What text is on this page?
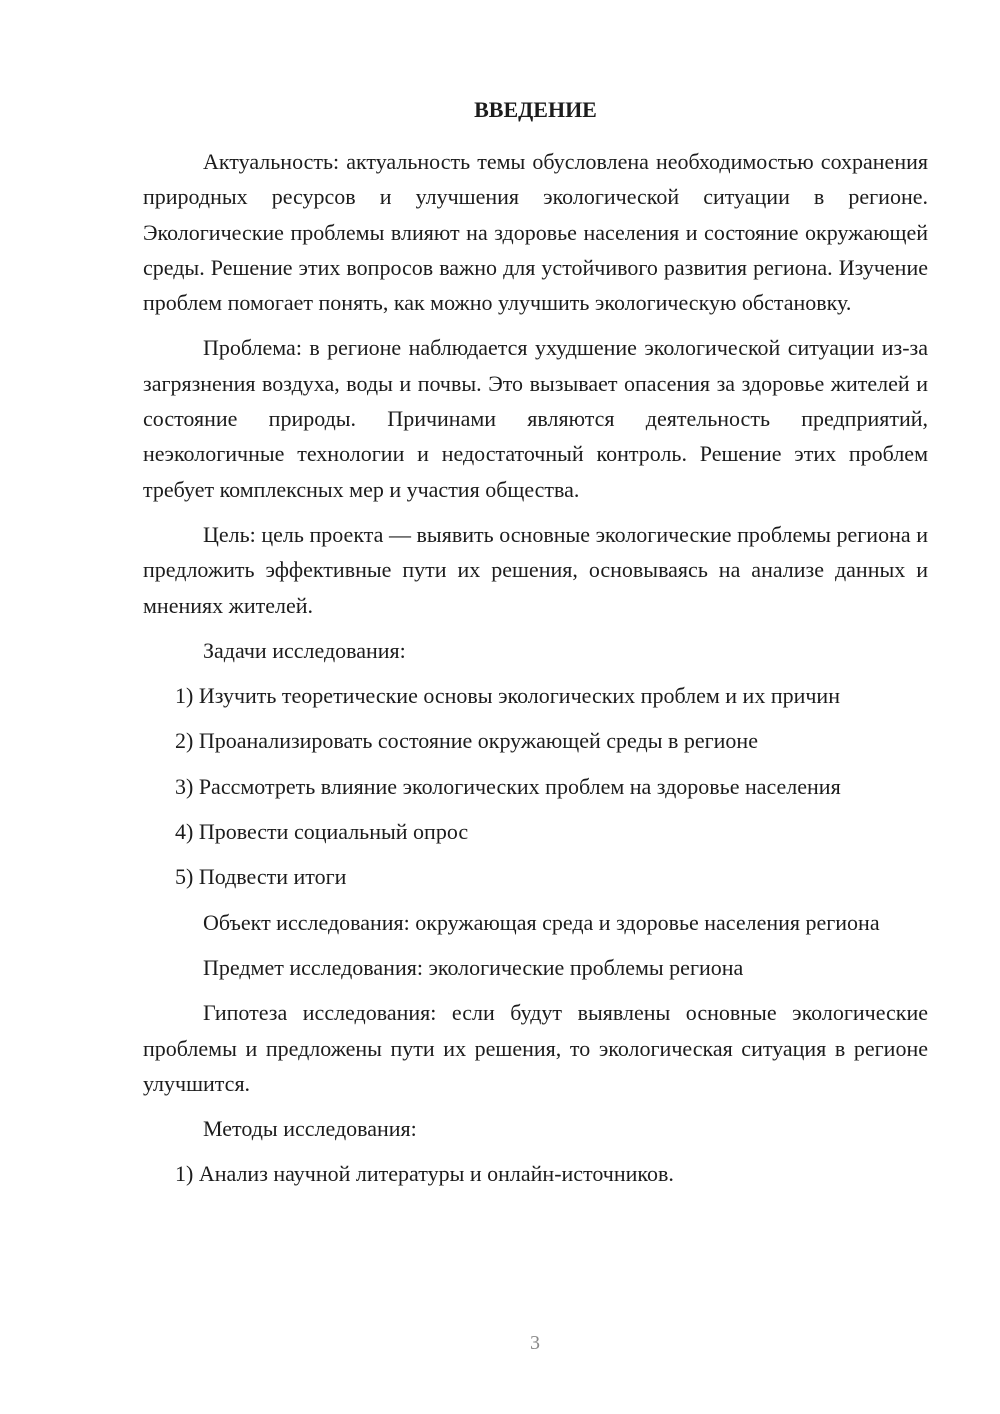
ВВЕДЕНИЕ

Актуальность: актуальность темы обусловлена необходимостью сохранения природных ресурсов и улучшения экологической ситуации в регионе. Экологические проблемы влияют на здоровье населения и состояние окружающей среды. Решение этих вопросов важно для устойчивого развития региона. Изучение проблем помогает понять, как можно улучшить экологическую обстановку.

Проблема: в регионе наблюдается ухудшение экологической ситуации из-за загрязнения воздуха, воды и почвы. Это вызывает опасения за здоровье жителей и состояние природы. Причинами являются деятельность предприятий, неэкологичные технологии и недостаточный контроль. Решение этих проблем требует комплексных мер и участия общества.

Цель: цель проекта — выявить основные экологические проблемы региона и предложить эффективные пути их решения, основываясь на анализе данных и мнениях жителей.

Задачи исследования:

1) Изучить теоретические основы экологических проблем и их причин

2) Проанализировать состояние окружающей среды в регионе

3) Рассмотреть влияние экологических проблем на здоровье населения

4) Провести социальный опрос

5) Подвести итоги

Объект исследования: окружающая среда и здоровье населения региона

Предмет исследования: экологические проблемы региона

Гипотеза исследования: если будут выявлены основные экологические проблемы и предложены пути их решения, то экологическая ситуация в регионе улучшится.

Методы исследования:

1) Анализ научной литературы и онлайн-источников.

3
